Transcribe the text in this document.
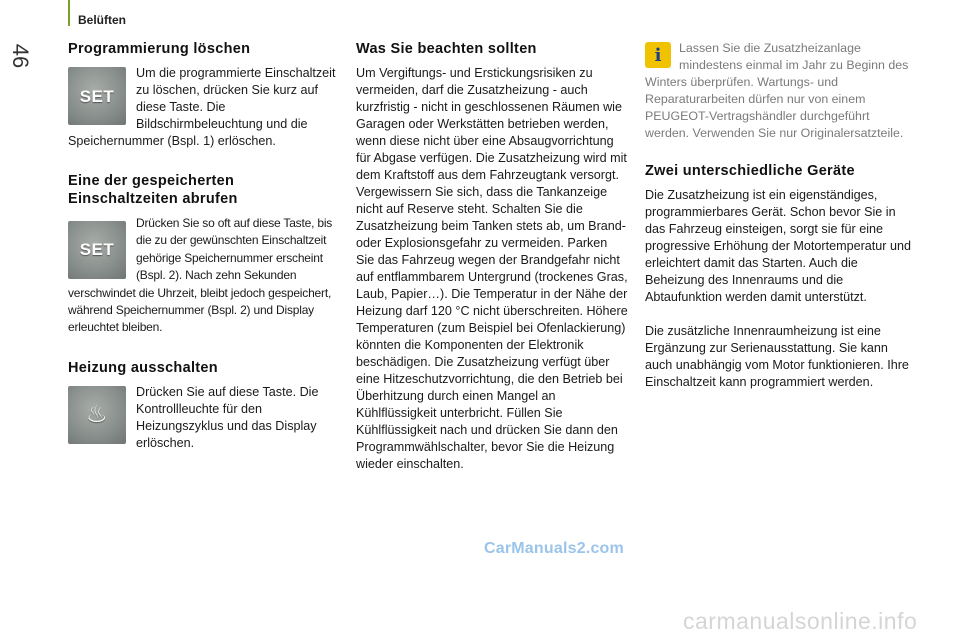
46
Belüften
Programmierung löschen
SET

Um die programmierte Einschaltzeit zu löschen, drücken Sie kurz auf diese Taste. Die Bildschirmbeleuchtung und die Speichernummer (Bspl. 1) erlöschen.

Eine der gespeicherten Einschaltzeiten abrufen
SET

Drücken Sie so oft auf diese Taste, bis die zu der gewünschten Einschaltzeit gehörige Speichernummer erscheint (Bspl. 2). Nach zehn Sekunden verschwindet die Uhrzeit, bleibt jedoch gespeichert, während Speichernummer (Bspl. 2) und Display erleuchtet bleiben.

Heizung ausschalten
♨

Drücken Sie auf diese Taste. Die Kontrollleuchte für den Heizungszyklus und das Display erlöschen.

Was Sie beachten sollten

Um Vergiftungs- und Erstickungsrisiken zu vermeiden, darf die Zusatzheizung - auch kurzfristig - nicht in geschlossenen Räumen wie Garagen oder Werkstätten betrieben werden, wenn diese nicht über eine Absaugvorrichtung für Abgase verfügen. Die Zusatzheizung wird mit dem Kraftstoff aus dem Fahrzeugtank versorgt. Vergewissern Sie sich, dass die Tankanzeige nicht auf Reserve steht. Schalten Sie die Zusatzheizung beim Tanken stets ab, um Brand- oder Explosionsgefahr zu vermeiden. Parken Sie das Fahrzeug wegen der Brandgefahr nicht auf entflammbarem Untergrund (trockenes Gras, Laub, Papier…). Die Temperatur in der Nähe der Heizung darf 120 °C nicht überschreiten. Höhere Temperaturen (zum Beispiel bei Ofenlackierung) könnten die Komponenten der Elektronik beschädigen. Die Zusatzheizung verfügt über eine Hitzeschutzvorrichtung, die den Betrieb bei Überhitzung durch einen Mangel an Kühlflüssigkeit unterbricht. Füllen Sie Kühlflüssigkeit nach und drücken Sie dann den Programmwählschalter, bevor Sie die Heizung wieder einschalten.

i	Lassen Sie die Zusatzheizanlage mindestens einmal im Jahr zu Beginn des Winters überprüfen. Wartungs- und Reparaturarbeiten dürfen nur von einem PEUGEOT-Vertragshändler durchgeführt werden. Verwenden Sie nur Originalersatzteile.

Zwei unterschiedliche Geräte

Die Zusatzheizung ist ein eigenständiges, programmierbares Gerät. Schon bevor Sie in das Fahrzeug einsteigen, sorgt sie für eine progressive Erhöhung der Motortemperatur und erleichtert damit das Starten. Auch die Beheizung des Innenraums und die Abtaufunktion werden damit unterstützt.

Die zusätzliche Innenraumheizung ist eine Ergänzung zur Serienausstattung. Sie kann auch unabhängig vom Motor funktionieren. Ihre Einschaltzeit kann programmiert werden.

CarManuals2.com
carmanualsonline.info
